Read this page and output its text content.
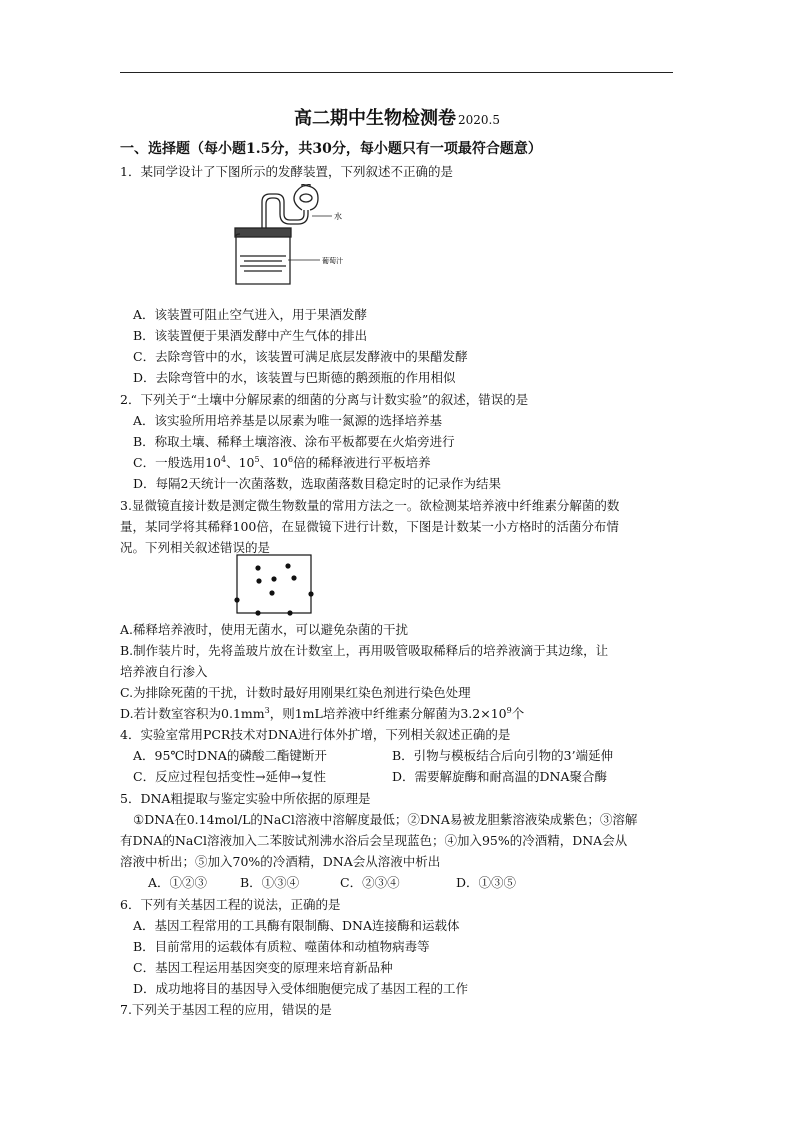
高二期中生物检测卷 2020.5
一、选择题（每小题1.5分，共30分，每小题只有一项最符合题意）
1．某同学设计了下图所示的发酵装置，下列叙述不正确的是
水
葡萄汁
A．该装置可阻止空气进入，用于果酒发酵
B．该装置便于果酒发酵中产生气体的排出
C．去除弯管中的水，该装置可满足底层发酵液中的果醋发酵
D．去除弯管中的水，该装置与巴斯德的鹅颈瓶的作用相似
2．下列关于“土壤中分解尿素的细菌的分离与计数实验”的叙述，错误的是
A．该实验所用培养基是以尿素为唯一氮源的选择培养基
B．称取土壤、稀释土壤溶液、涂布平板都要在火焰旁进行
C．一般选用$10^4$、$10^5$、$10^6$倍的稀释液进行平板培养
D．每隔2天统计一次菌落数，选取菌落数目稳定时的记录作为结果
3.显微镜直接计数是测定微生物数量的常用方法之一。欲检测某培养液中纤维素分解菌的数
量，某同学将其稀释100倍，在显微镜下进行计数，下图是计数某一小方格时的活菌分布情
况。下列相关叙述错误的是
A.稀释培养液时，使用无菌水，可以避免杂菌的干扰
B.制作装片时，先将盖玻片放在计数室上，再用吸管吸取稀释后的培养液滴于其边缘，让
培养液自行渗入
C.为排除死菌的干扰，计数时最好用刚果红染色剂进行染色处理
D.若计数室容积为$0.1mm^3$，则1mL培养液中纤维素分解菌为$3.2\times 10^9$个
4．实验室常用PCR技术对DNA进行体外扩增，下列相关叙述正确的是
A．95℃时DNA的磷酸二酯键断开	B．引物与模板结合后向引物的3’端延伸
C．反应过程包括变性→延伸→复性	D．需要解旋酶和耐高温的DNA聚合酶
5．DNA粗提取与鉴定实验中所依据的原理是
①DNA在0.14mol/L的NaCl溶液中溶解度最低；②DNA易被龙胆紫溶液染成紫色；③溶解
有DNA的NaCl溶液加入二苯胺试剂沸水浴后会呈现蓝色；④加入95%的冷酒精，DNA会从
溶液中析出；⑤加入70%的冷酒精，DNA会从溶液中析出
A．①②③	B．①③④	C．②③④	D．①③⑤
6．下列有关基因工程的说法，正确的是
A．基因工程常用的工具酶有限制酶、DNA连接酶和运载体
B．目前常用的运载体有质粒、噬菌体和动植物病毒等
C．基因工程运用基因突变的原理来培育新品种
D．成功地将目的基因导入受体细胞便完成了基因工程的工作
7.下列关于基因工程的应用，错误的是
